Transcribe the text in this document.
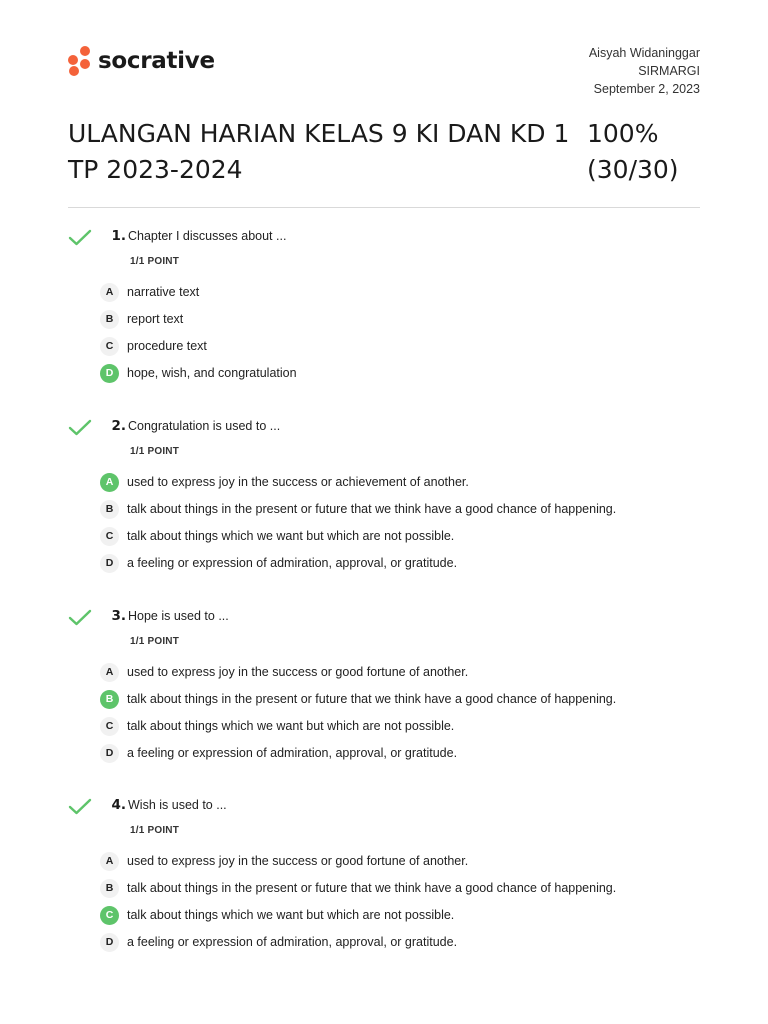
socrative	Aisyah Widaninggar
SIRMARGI
September 2, 2023
ULANGAN HARIAN KELAS 9 KI DAN KD 1 TP 2023-2024
100%
(30/30)
1. Chapter I discusses about ...
1/1 POINT
A	narrative text
B	report text
C	procedure text
D	hope, wish, and congratulation
2. Congratulation is used to ...
1/1 POINT
A	used to express joy in the success or achievement of another.
B	talk about things in the present or future that we think have a good chance of happening.
C	talk about things which we want but which are not possible.
D	a feeling or expression of admiration, approval, or gratitude.
3. Hope is used to ...
1/1 POINT
A	used to express joy in the success or good fortune of another.
B	talk about things in the present or future that we think have a good chance of happening.
C	talk about things which we want but which are not possible.
D	a feeling or expression of admiration, approval, or gratitude.
4. Wish is used to ...
1/1 POINT
A	used to express joy in the success or good fortune of another.
B	talk about things in the present or future that we think have a good chance of happening.
C	talk about things which we want but which are not possible.
D	a feeling or expression of admiration, approval, or gratitude.
